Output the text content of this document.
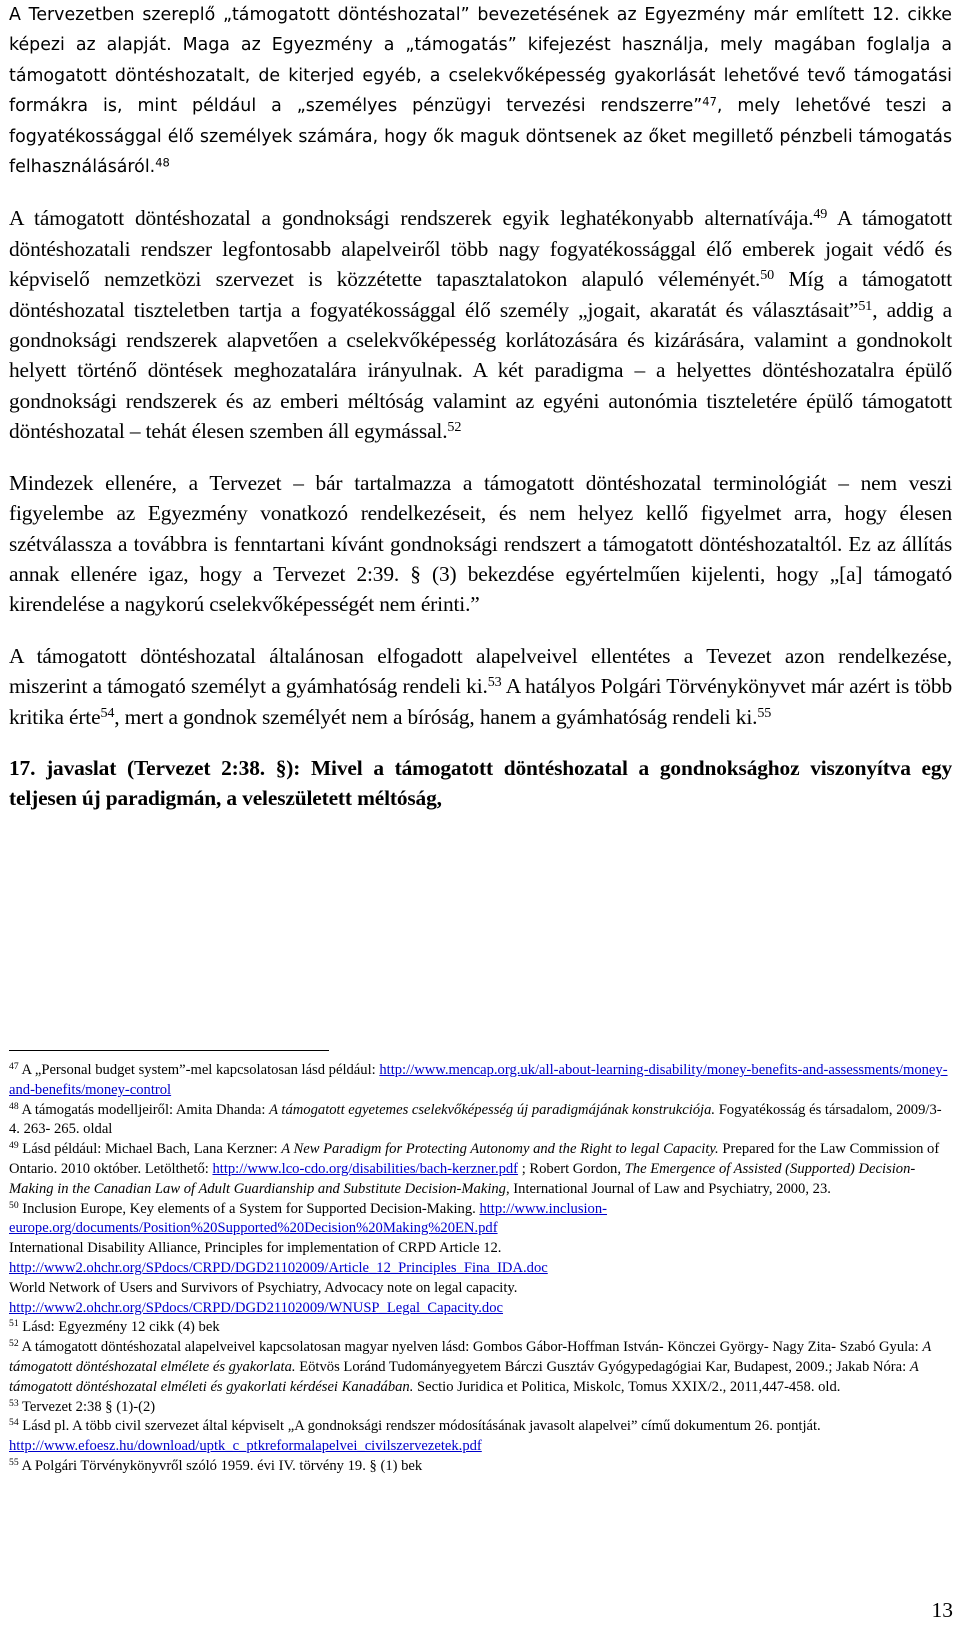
A Tervezetben szereplő „támogatott döntéshozatal” bevezetésének az Egyezmény már említett 12. cikke képezi az alapját. Maga az Egyezmény a „támogatás” kifejezést használja, mely magában foglalja a támogatott döntéshozatalt, de kiterjed egyéb, a cselekvőképesség gyakorlását lehetővé tevő támogatási formákra is, mint például a „személyes pénzügyi tervezési rendszerre”$^{47}$, mely lehetővé teszi a fogyatékossággal élő személyek számára, hogy ők maguk döntsenek az őket megillető pénzbeli támogatás felhasználásáról.$^{48}$

A támogatott döntéshozatal a gondnoksági rendszerek egyik leghatékonyabb alternatívája.$^{49}$ A támogatott döntéshozatali rendszer legfontosabb alapelveiről több nagy fogyatékossággal élő emberek jogait védő és képviselő nemzetközi szervezet is közzétette tapasztalatokon alapuló véleményét.$^{50}$ Míg a támogatott döntéshozatal tiszteletben tartja a fogyatékossággal élő személy „jogait, akaratát és választásait”$^{51}$, addig a gondnoksági rendszerek alapvetően a cselekvőképesség korlátozására és kizárására, valamint a gondnokolt helyett történő döntések meghozatalára irányulnak. A két paradigma – a helyettes döntéshozatalra épülő gondnoksági rendszerek és az emberi méltóság valamint az egyéni autonómia tiszteletére épülő támogatott döntéshozatal – tehát élesen szemben áll egymással.$^{52}$

Mindezek ellenére, a Tervezet – bár tartalmazza a támogatott döntéshozatal terminológiát – nem veszi figyelembe az Egyezmény vonatkozó rendelkezéseit, és nem helyez kellő figyelmet arra, hogy élesen szétválassza a továbbra is fenntartani kívánt gondnoksági rendszert a támogatott döntéshozataltól. Ez az állítás annak ellenére igaz, hogy a Tervezet 2:39. § (3) bekezdése egyértelműen kijelenti, hogy „[a] támogató kirendelése a nagykorú cselekvőképességét nem érinti.”

A támogatott döntéshozatal általánosan elfogadott alapelveivel ellentétes a Tevezet azon rendelkezése, miszerint a támogató személyt a gyámhatóság rendeli ki.$^{53}$ A hatályos Polgári Törvénykönyvet már azért is több kritika érte$^{54}$, mert a gondnok személyét nem a bíróság, hanem a gyámhatóság rendeli ki.$^{55}$

17. javaslat (Tervezet 2:38. §): Mivel a támogatott döntéshozatal a gondnoksághoz viszonyítva egy teljesen új paradigmán, a veleszületett méltóság,

$^{47}$ A „Personal budget system”-mel kapcsolatosan lásd például: http://www.mencap.org.uk/all-about-learning-disability/money-benefits-and-assessments/money-and-benefits/money-control

$^{48}$ A támogatás modelljeiről: Amita Dhanda: A támogatott egyetemes cselekvőképesség új paradigmájának konstrukciója. Fogyatékosság és társadalom, 2009/3-4. 263- 265. oldal

$^{49}$ Lásd például: Michael Bach, Lana Kerzner: A New Paradigm for Protecting Autonomy and the Right to legal Capacity. Prepared for the Law Commission of Ontario. 2010 október. Letölthető: http://www.lco-cdo.org/disabilities/bach-kerzner.pdf ; Robert Gordon, The Emergence of Assisted (Supported) Decision-Making in the Canadian Law of Adult Guardianship and Substitute Decision-Making, International Journal of Law and Psychiatry, 2000, 23.

$^{50}$ Inclusion Europe, Key elements of a System for Supported Decision-Making. http://www.inclusion-europe.org/documents/Position%20Supported%20Decision%20Making%20EN.pdf
International Disability Alliance, Principles for implementation of CRPD Article 12.
http://www2.ohchr.org/SPdocs/CRPD/DGD21102009/Article_12_Principles_Fina_IDA.doc
World Network of Users and Survivors of Psychiatry, Advocacy note on legal capacity.
http://www2.ohchr.org/SPdocs/CRPD/DGD21102009/WNUSP_Legal_Capacity.doc

$^{51}$ Lásd: Egyezmény 12 cikk (4) bek

$^{52}$ A támogatott döntéshozatal alapelveivel kapcsolatosan magyar nyelven lásd: Gombos Gábor-Hoffman István- Könczei György- Nagy Zita- Szabó Gyula: A támogatott döntéshozatal elmélete és gyakorlata. Eötvös Loránd Tudományegyetem Bárczi Gusztáv Gyógypedagógiai Kar, Budapest, 2009.; Jakab Nóra: A támogatott döntéshozatal elméleti és gyakorlati kérdései Kanadában. Sectio Juridica et Politica, Miskolc, Tomus XXIX/2., 2011,447-458. old.

$^{53}$ Tervezet 2:38 § (1)-(2)

$^{54}$ Lásd pl. A több civil szervezet által képviselt „A gondnoksági rendszer módosításának javasolt alapelvei” című dokumentum 26. pontját. http://www.efoesz.hu/download/uptk_c_ptkreformalapelvei_civilszervezetek.pdf

$^{55}$ A Polgári Törvénykönyvről szóló 1959. évi IV. törvény 19. § (1) bek

13
